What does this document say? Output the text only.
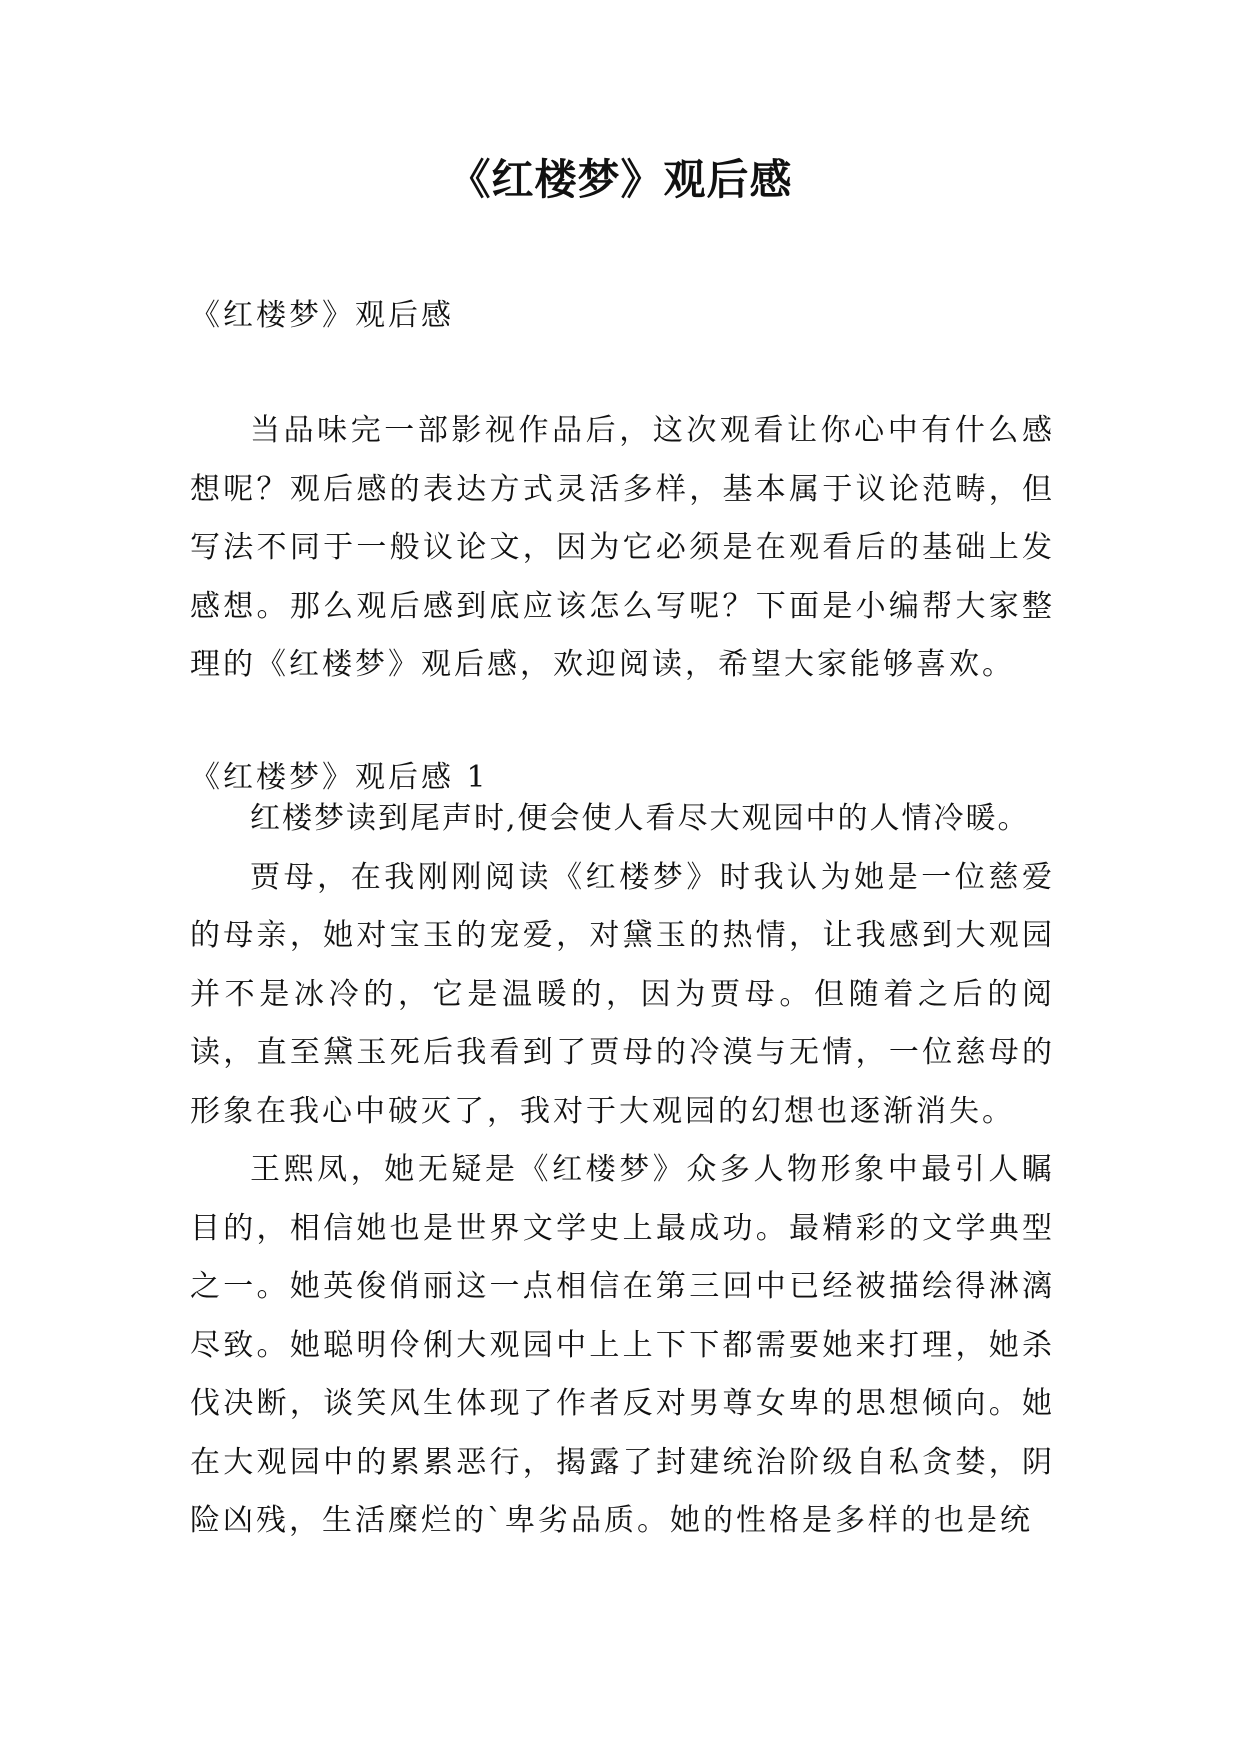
《红楼梦》观后感
《红楼梦》观后感

当品味完一部影视作品后，这次观看让你心中有什么感想呢？观后感的表达方式灵活多样，基本属于议论范畴，但写法不同于一般议论文，因为它必须是在观看后的基础上发感想。那么观后感到底应该怎么写呢？下面是小编帮大家整理的《红楼梦》观后感，欢迎阅读，希望大家能够喜欢。

《红楼梦》观后感 1

红楼梦读到尾声时,便会使人看尽大观园中的人情冷暖。

贾母，在我刚刚阅读《红楼梦》时我认为她是一位慈爱的母亲，她对宝玉的宠爱，对黛玉的热情，让我感到大观园并不是冰冷的，它是温暖的，因为贾母。但随着之后的阅读，直至黛玉死后我看到了贾母的冷漠与无情，一位慈母的形象在我心中破灭了，我对于大观园的幻想也逐渐消失。

王熙凤，她无疑是《红楼梦》众多人物形象中最引人瞩目的，相信她也是世界文学史上最成功。最精彩的文学典型之一。她英俊俏丽这一点相信在第三回中已经被描绘得淋漓尽致。她聪明伶俐大观园中上上下下都需要她来打理，她杀伐决断，谈笑风生体现了作者反对男尊女卑的思想倾向。她在大观园中的累累恶行，揭露了封建统治阶级自私贪婪，阴险凶残，生活糜烂的`卑劣品质。她的性格是多样的也是统
